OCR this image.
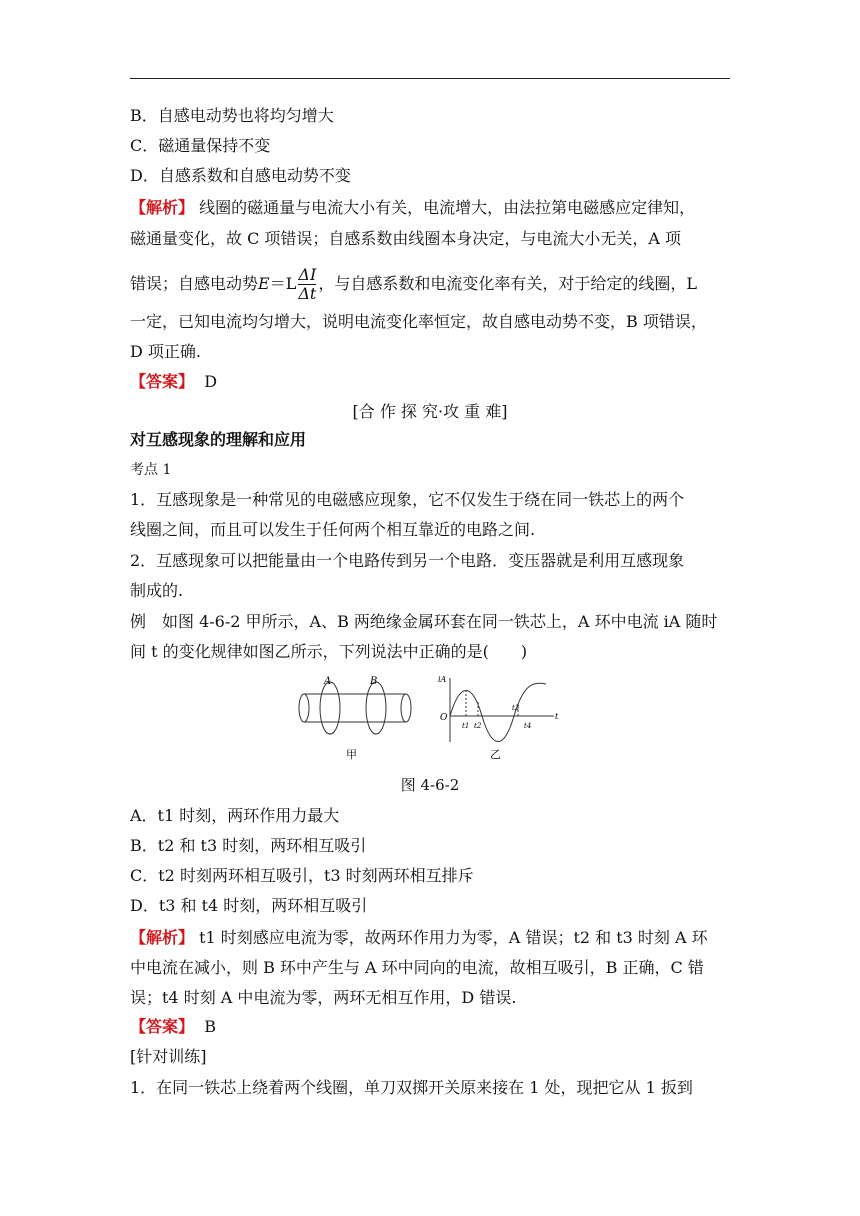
B．自感电动势也将均匀增大
C．磁通量保持不变
D．自感系数和自感电动势不变
【解析】 线圈的磁通量与电流大小有关，电流增大，由法拉第电磁感应定律知，
磁通量变化，故 C 项错误；自感系数由线圈本身决定，与电流大小无关，A 项
错误；自感电动势$E=L \frac{\Delta I}{\Delta t}$ ，与自感系数和电流变化率有关，对于给定的线圈，L
一定，已知电流均匀增大，说明电流变化率恒定，故自感电动势不变，B 项错误，
D 项正确.
【答案】 D
[合 作 探 究·攻 重 难]
对互感现象的理解和应用
考点 1
1．互感现象是一种常见的电磁感应现象，它不仅发生于绕在同一铁芯上的两个
线圈之间，而且可以发生于任何两个相互靠近的电路之间.
2．互感现象可以把能量由一个电路传到另一个电路．变压器就是利用互感现象
制成的.
例　如图 4-6-2 甲所示，A、B 两绝缘金属环套在同一铁芯上，A 环中电流 iA 随时
间 t 的变化规律如图乙所示，下列说法中正确的是(　　)
A	B
甲
iA
O	t
t1 t2
t3
t4
乙
图 4-6-2
A．t1 时刻，两环作用力最大
B．t2 和 t3 时刻，两环相互吸引
C．t2 时刻两环相互吸引，t3 时刻两环相互排斥
D．t3 和 t4 时刻，两环相互吸引
【解析】 t1 时刻感应电流为零，故两环作用力为零，A 错误；t2 和 t3 时刻 A 环
中电流在减小，则 B 环中产生与 A 环中同向的电流，故相互吸引，B 正确，C 错
误；t4 时刻 A 中电流为零，两环无相互作用，D 错误.
【答案】 B
[针对训练]
1．在同一铁芯上绕着两个线圈，单刀双掷开关原来接在 1 处，现把它从 1 扳到
